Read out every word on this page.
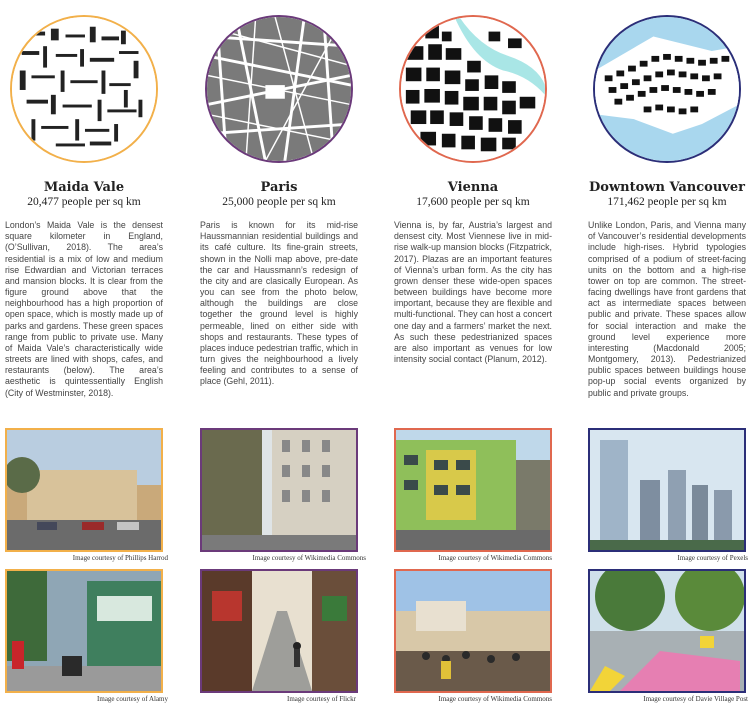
Maida Vale
20,477 people per sq km
London’s Maida Vale is the densest square kilometer in England, (O’Sullivan, 2018). The area’s residential is a mix of low and medium rise Edwardian and Victorian terraces and mansion blocks. It is clear from the figure ground above that the neighbourhood has a high proportion of open space, which is mostly made up of parks and gardens. These green spaces range from public to private use. Many of Maida Vale’s characteristically wide streets are lined with shops, cafes, and restaurants (below). The area’s aesthetic is quintessentially English (City of Westminster, 2018).
Image courtesy of Phillips Harrod
Image courtesy of Alamy
Paris
25,000 people per sq km
Paris is known for its mid-rise Haussmannian residential buildings and its café culture. Its fine-grain streets, shown in the Nolli map above, pre-date the car and Haussmann’s redesign of the city and are clasically European. As you can see from the photo below, although the buildings are close together the ground level is highly permeable, lined on either side with shops and restaurants. These types of places induce pedestrian traffic, which in turn gives the neighbourhood a lively feeling and contributes to a sense of place (Gehl, 2011).
Image courtesy of Wikimedia Commons
Image courtesy of Flickr
Vienna
17,600 people per sq km
Vienna is, by far, Austria’s largest and densest city. Most Viennese live in mid-rise walk-up mansion blocks (Fitzpatrick, 2017). Plazas are an important features of Vienna’s urban form. As the city has grown denser these wide-open spaces between buildings have become more important, because they are flexible and multi-functional. They can host a concert one day and a farmers’ market the next. As such these pedestrianized spaces are also important as venues for low intensity social contact (Planum, 2012).
Image courtesy of Wikimedia Commons
Image courtesy of Wikimedia Commons
Downtown Vancouver
171,462 people per sq km
Unlike London, Paris, and Vienna many of Vancouver’s residential developments include high-rises. Hybrid typologies comprised of a podium of street-facing units on the bottom and a high-rise tower on top are common. The street-facing dwellings have front gardens that act as intermediate spaces between public and private. These spaces allow for social interaction and make the ground level experience more interesting (Macdonald 2005; Montgomery, 2013). Pedestrianized public spaces between buildings house pop-up social events organized by public and private groups.
Image courtesy of Pexels
Image courtesy of Davie Village Post
